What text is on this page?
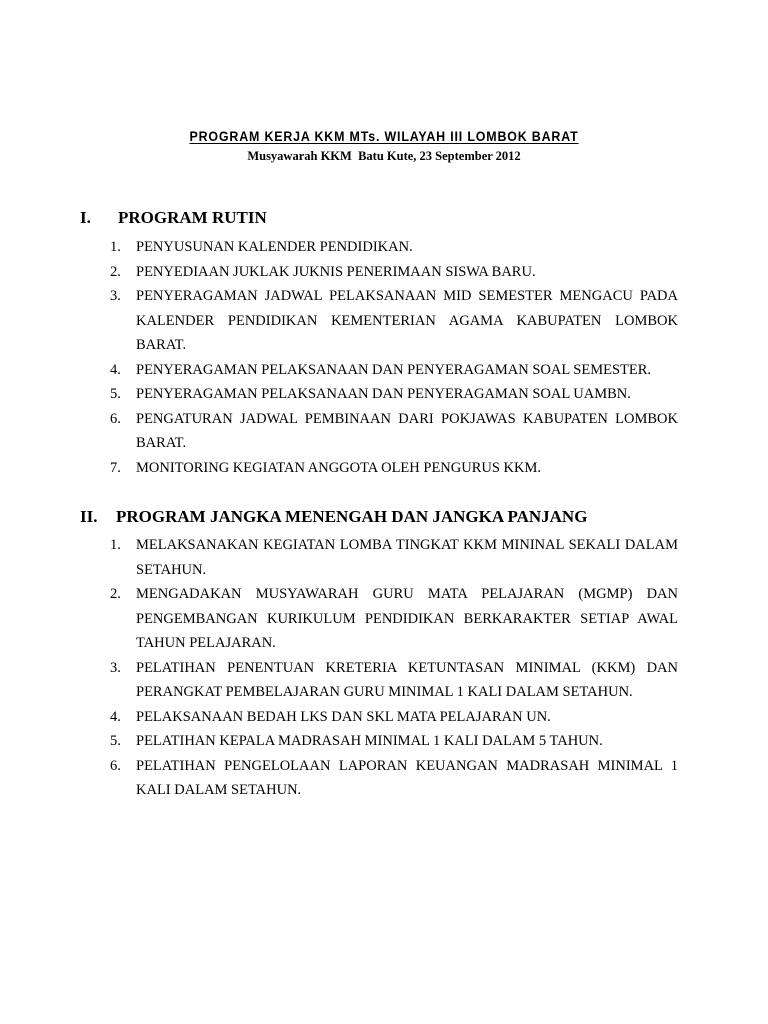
PROGRAM KERJA KKM MTs. WILAYAH III LOMBOK BARAT
Musyawarah KKM  Batu Kute, 23 September 2012
I. PROGRAM RUTIN
1. PENYUSUNAN KALENDER PENDIDIKAN.
2. PENYEDIAAN JUKLAK JUKNIS PENERIMAAN SISWA BARU.
3. PENYERAGAMAN JADWAL PELAKSANAAN MID SEMESTER MENGACU PADA KALENDER PENDIDIKAN KEMENTERIAN AGAMA KABUPATEN LOMBOK BARAT.
4. PENYERAGAMAN PELAKSANAAN DAN PENYERAGAMAN SOAL SEMESTER.
5. PENYERAGAMAN PELAKSANAAN DAN PENYERAGAMAN SOAL UAMBN.
6. PENGATURAN JADWAL PEMBINAAN DARI POKJAWAS KABUPATEN LOMBOK BARAT.
7. MONITORING KEGIATAN ANGGOTA OLEH PENGURUS KKM.
II. PROGRAM JANGKA MENENGAH DAN JANGKA PANJANG
1. MELAKSANAKAN KEGIATAN LOMBA TINGKAT KKM MININAL SEKALI DALAM SETAHUN.
2. MENGADAKAN MUSYAWARAH GURU MATA PELAJARAN (MGMP) DAN PENGEMBANGAN KURIKULUM PENDIDIKAN BERKARAKTER SETIAP AWAL TAHUN PELAJARAN.
3. PELATIHAN PENENTUAN KRETERIA KETUNTASAN MINIMAL (KKM) DAN PERANGKAT PEMBELAJARAN GURU MINIMAL 1 KALI DALAM SETAHUN.
4. PELAKSANAAN BEDAH LKS DAN SKL MATA PELAJARAN UN.
5. PELATIHAN KEPALA MADRASAH MINIMAL 1 KALI DALAM 5 TAHUN.
6. PELATIHAN PENGELOLAAN LAPORAN KEUANGAN MADRASAH MINIMAL 1 KALI DALAM SETAHUN.
